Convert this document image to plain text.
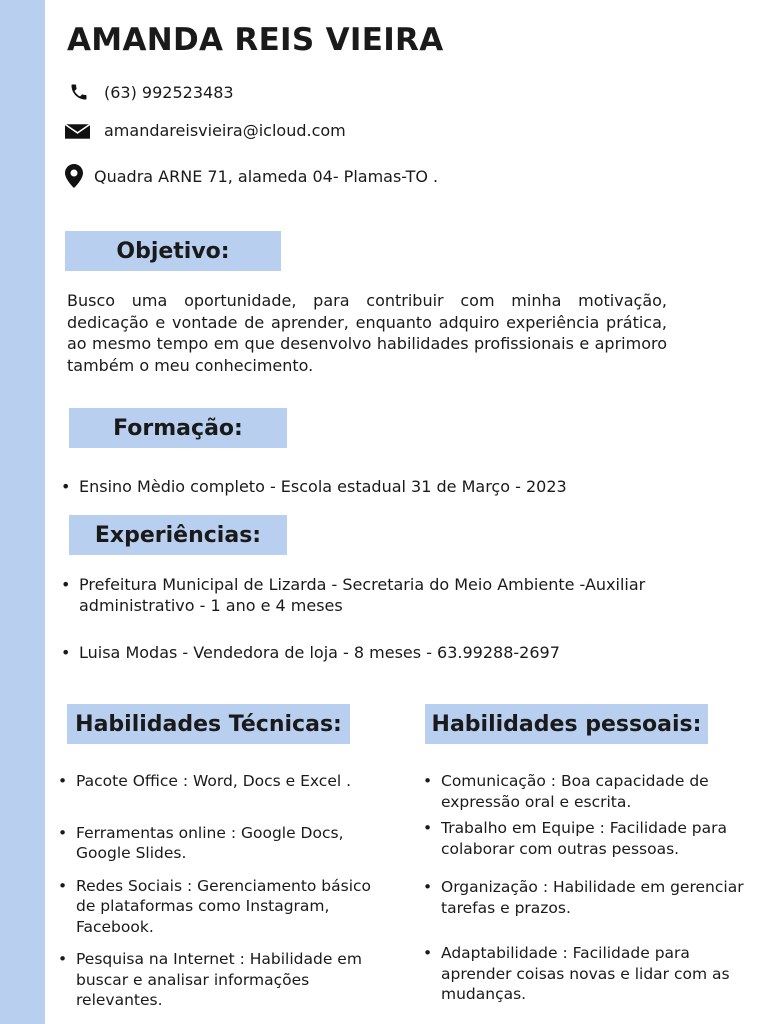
AMANDA REIS VIEIRA
(63) 992523483
amandareisvieira@icloud.com
Quadra ARNE 71, alameda 04- Plamas-TO .
Objetivo:

Busco uma oportunidade, para contribuir com minha motivação, dedicação e vontade de aprender, enquanto adquiro experiência prática, ao mesmo tempo em que desenvolvo habilidades profissionais e aprimoro também o meu conhecimento.

Formação:
• Ensino Mèdio completo - Escola estadual 31 de Março - 2023
Experiências:
• Prefeitura Municipal de Lizarda - Secretaria do Meio Ambiente -Auxiliar administrativo - 1 ano e 4 meses
• Luisa Modas - Vendedora de loja - 8 meses - 63.99288-2697
Habilidades Técnicas:
• Pacote Office : Word, Docs e Excel .
• Ferramentas online : Google Docs, Google Slides.
• Redes Sociais : Gerenciamento básico de plataformas como Instagram, Facebook.
• Pesquisa na Internet : Habilidade em buscar e analisar informações relevantes.
Habilidades pessoais:
• Comunicação : Boa capacidade de expressão oral e escrita.
• Trabalho em Equipe : Facilidade para colaborar com outras pessoas.
• Organização : Habilidade em gerenciar tarefas e prazos.
• Adaptabilidade : Facilidade para aprender coisas novas e lidar com as mudanças.
